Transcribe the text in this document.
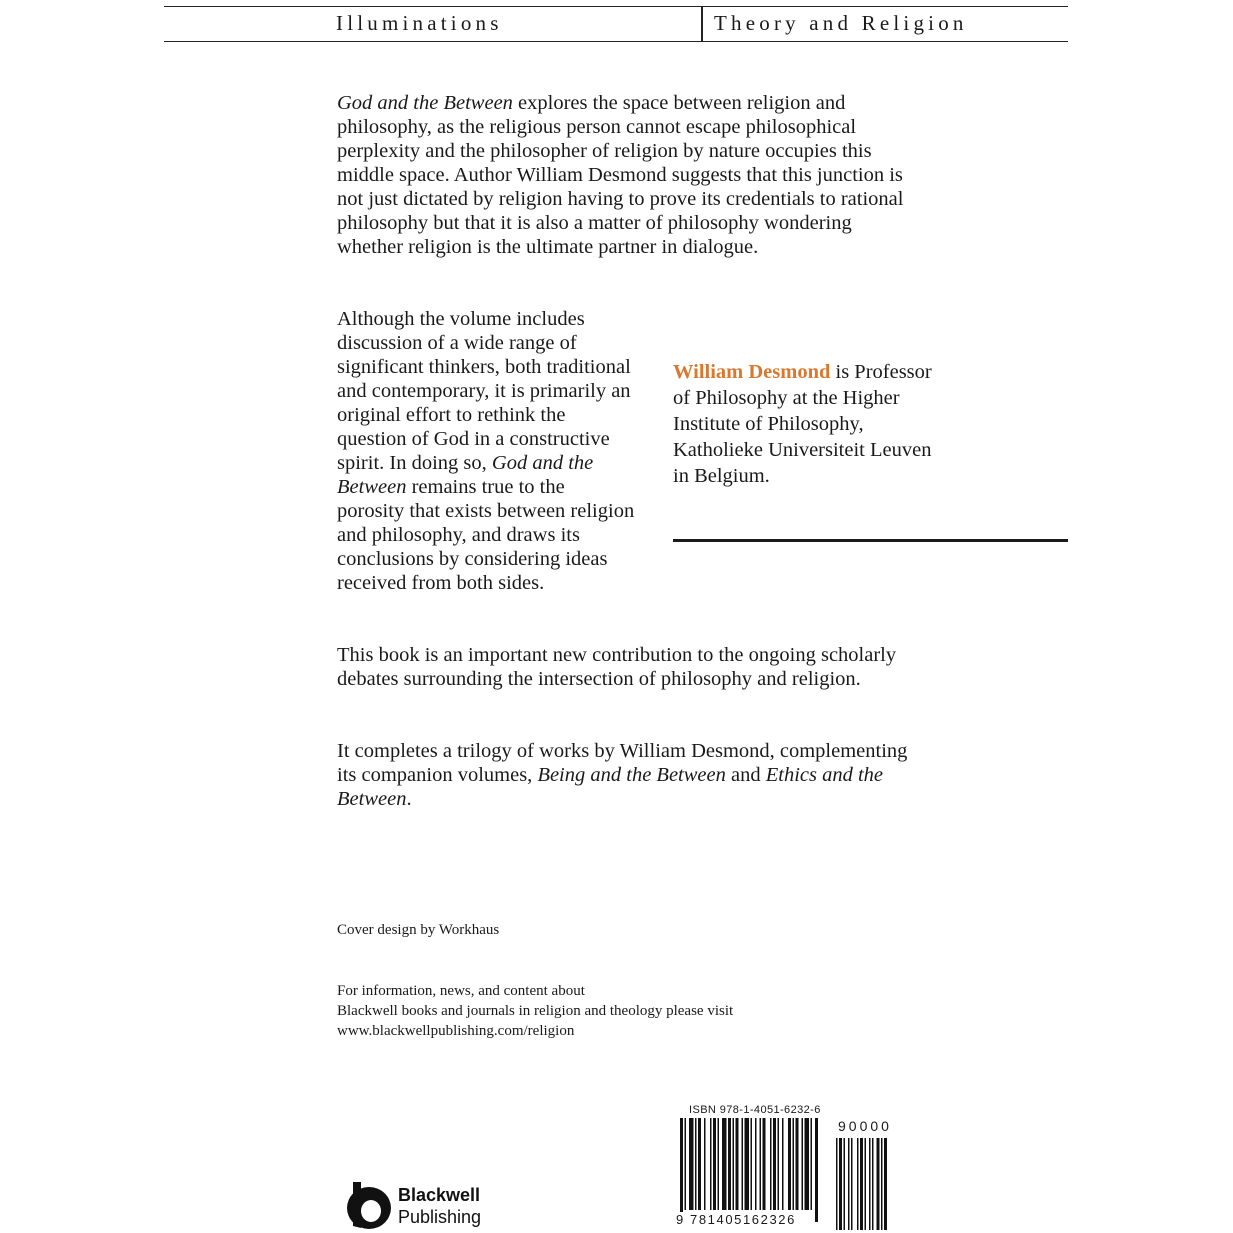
Illuminations	Theory and Religion

God and the Between explores the space between religion and philosophy, as the religious person cannot escape philosophical perplexity and the philosopher of religion by nature occupies this middle space. Author William Desmond suggests that this junction is not just dictated by religion having to prove its credentials to rational philosophy but that it is also a matter of philosophy wondering whether religion is the ultimate partner in dialogue.

Although the volume includes discussion of a wide range of significant thinkers, both traditional and contemporary, it is primarily an original effort to rethink the question of God in a constructive spirit. In doing so, God and the Between remains true to the porosity that exists between religion and philosophy, and draws its conclusions by considering ideas received from both sides.

William Desmond is Professor of Philosophy at the Higher Institute of Philosophy, Katholieke Universiteit Leuven in Belgium.

This book is an important new contribution to the ongoing scholarly debates surrounding the intersection of philosophy and religion.

It completes a trilogy of works by William Desmond, complementing its companion volumes, Being and the Between and Ethics and the Between.

Cover design by Workhaus
For information, news, and content about
Blackwell books and journals in religion and theology please visit
www.blackwellpublishing.com/religion
Blackwell
Publishing
ISBN 978-1-4051-6232-6
9 781405162326
90000
